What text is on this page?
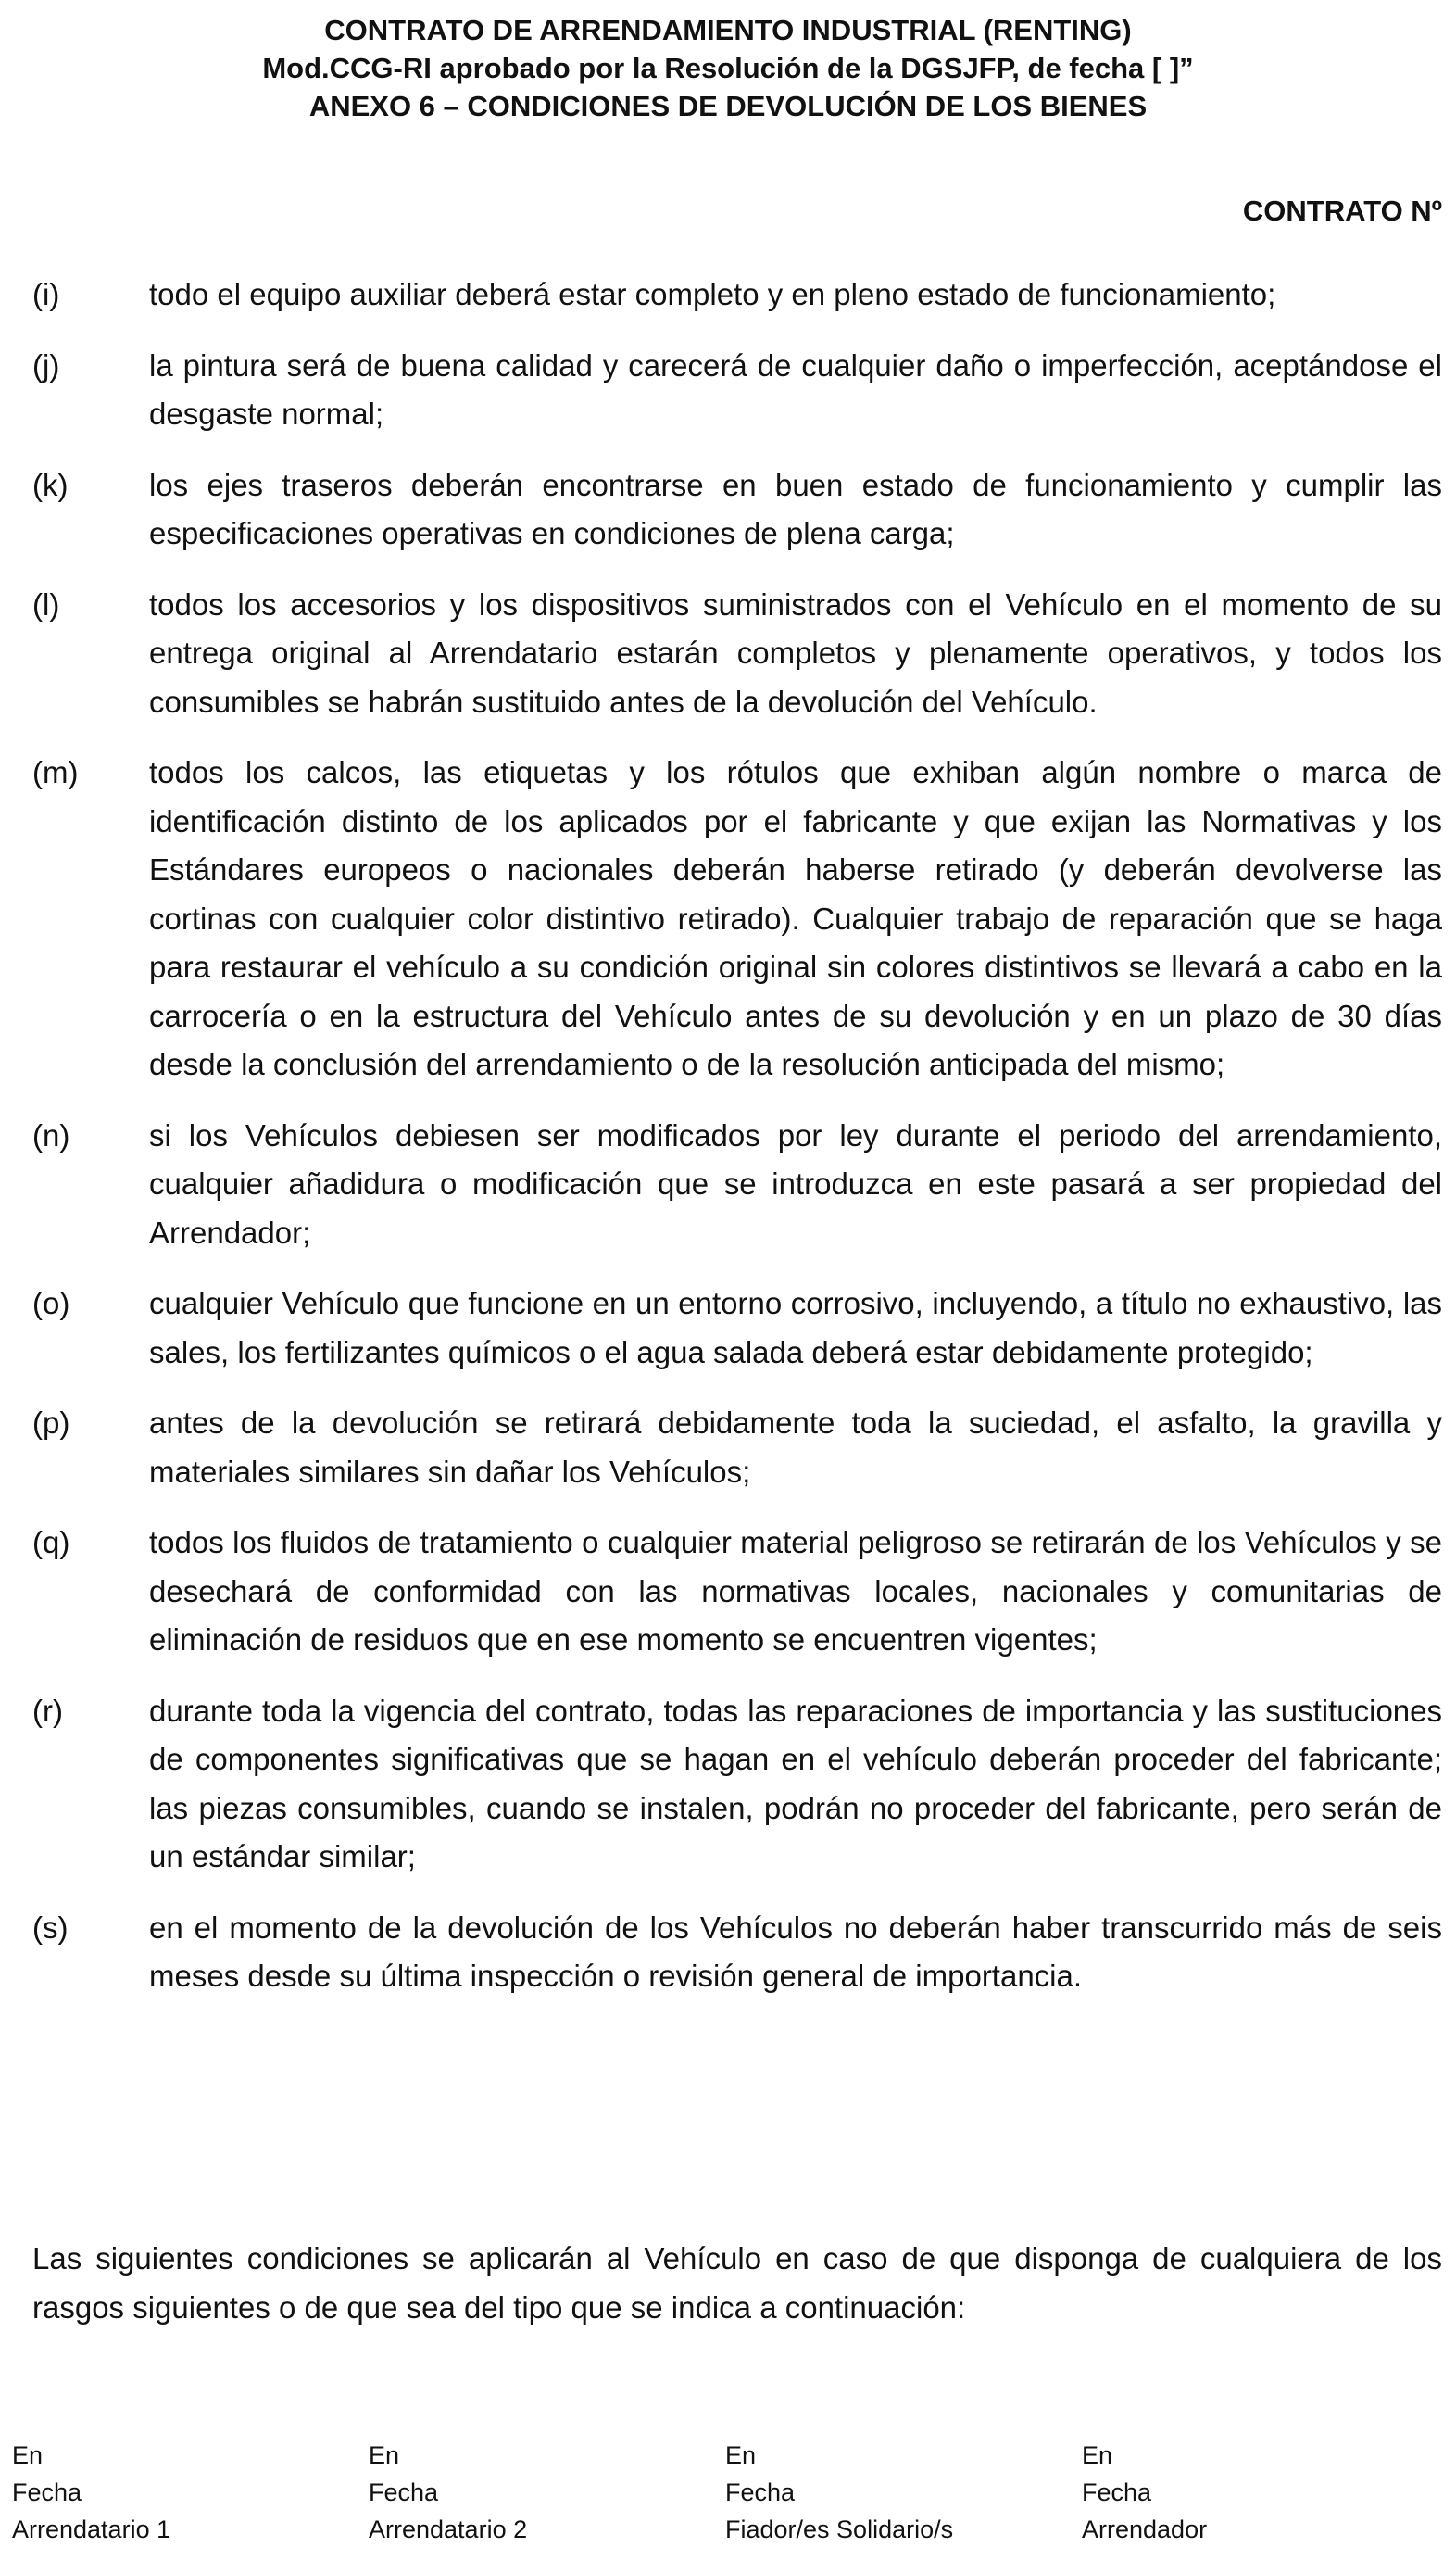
CONTRATO DE ARRENDAMIENTO INDUSTRIAL (RENTING)
Mod.CCG-RI aprobado por la Resolución de la DGSJFP, de fecha [ ]”
ANEXO 6 – CONDICIONES DE DEVOLUCIÓN DE LOS BIENES
CONTRATO Nº
(i)	todo el equipo auxiliar deberá estar completo y en pleno estado de funcionamiento;
(j)	la pintura será de buena calidad y carecerá de cualquier daño o imperfección, aceptándose el desgaste normal;
(k)	los ejes traseros deberán encontrarse en buen estado de funcionamiento y cumplir las especificaciones operativas en condiciones de plena carga;
(l)	todos los accesorios y los dispositivos suministrados con el Vehículo en el momento de su entrega original al Arrendatario estarán completos y plenamente operativos, y todos los consumibles se habrán sustituido antes de la devolución del Vehículo.
(m) todos los calcos, las etiquetas y los rótulos que exhiban algún nombre o marca de identificación distinto de los aplicados por el fabricante y que exijan las Normativas y los Estándares europeos o nacionales deberán haberse retirado (y deberán devolverse las cortinas con cualquier color distintivo retirado). Cualquier trabajo de reparación que se haga para restaurar el vehículo a su condición original sin colores distintivos se llevará a cabo en la carrocería o en la estructura del Vehículo antes de su devolución y en un plazo de 30 días desde la conclusión del arrendamiento o de la resolución anticipada del mismo;
(n)	si los Vehículos debiesen ser modificados por ley durante el periodo del arrendamiento, cualquier añadidura o modificación que se introduzca en este pasará a ser propiedad del Arrendador;
(o)	cualquier Vehículo que funcione en un entorno corrosivo, incluyendo, a título no exhaustivo, las sales, los fertilizantes químicos o el agua salada deberá estar debidamente protegido;
(p)	antes de la devolución se retirará debidamente toda la suciedad, el asfalto, la gravilla y materiales similares sin dañar los Vehículos;
(q)	todos los fluidos de tratamiento o cualquier material peligroso se retirarán de los Vehículos y se desechará de conformidad con las normativas locales, nacionales y comunitarias de eliminación de residuos que en ese momento se encuentren vigentes;
(r)	durante toda la vigencia del contrato, todas las reparaciones de importancia y las sustituciones de componentes significativas que se hagan en el vehículo deberán proceder del fabricante; las piezas consumibles, cuando se instalen, podrán no proceder del fabricante, pero serán de un estándar similar;
(s)	en el momento de la devolución de los Vehículos no deberán haber transcurrido más de seis meses desde su última inspección o revisión general de importancia.
Las siguientes condiciones se aplicarán al Vehículo en caso de que disponga de cualquiera de los rasgos siguientes o de que sea del tipo que se indica a continuación:
En
Fecha
Arrendatario 1
En
Fecha
Arrendatario 2
En
Fecha
Fiador/es Solidario/s
En
Fecha
Arrendador
